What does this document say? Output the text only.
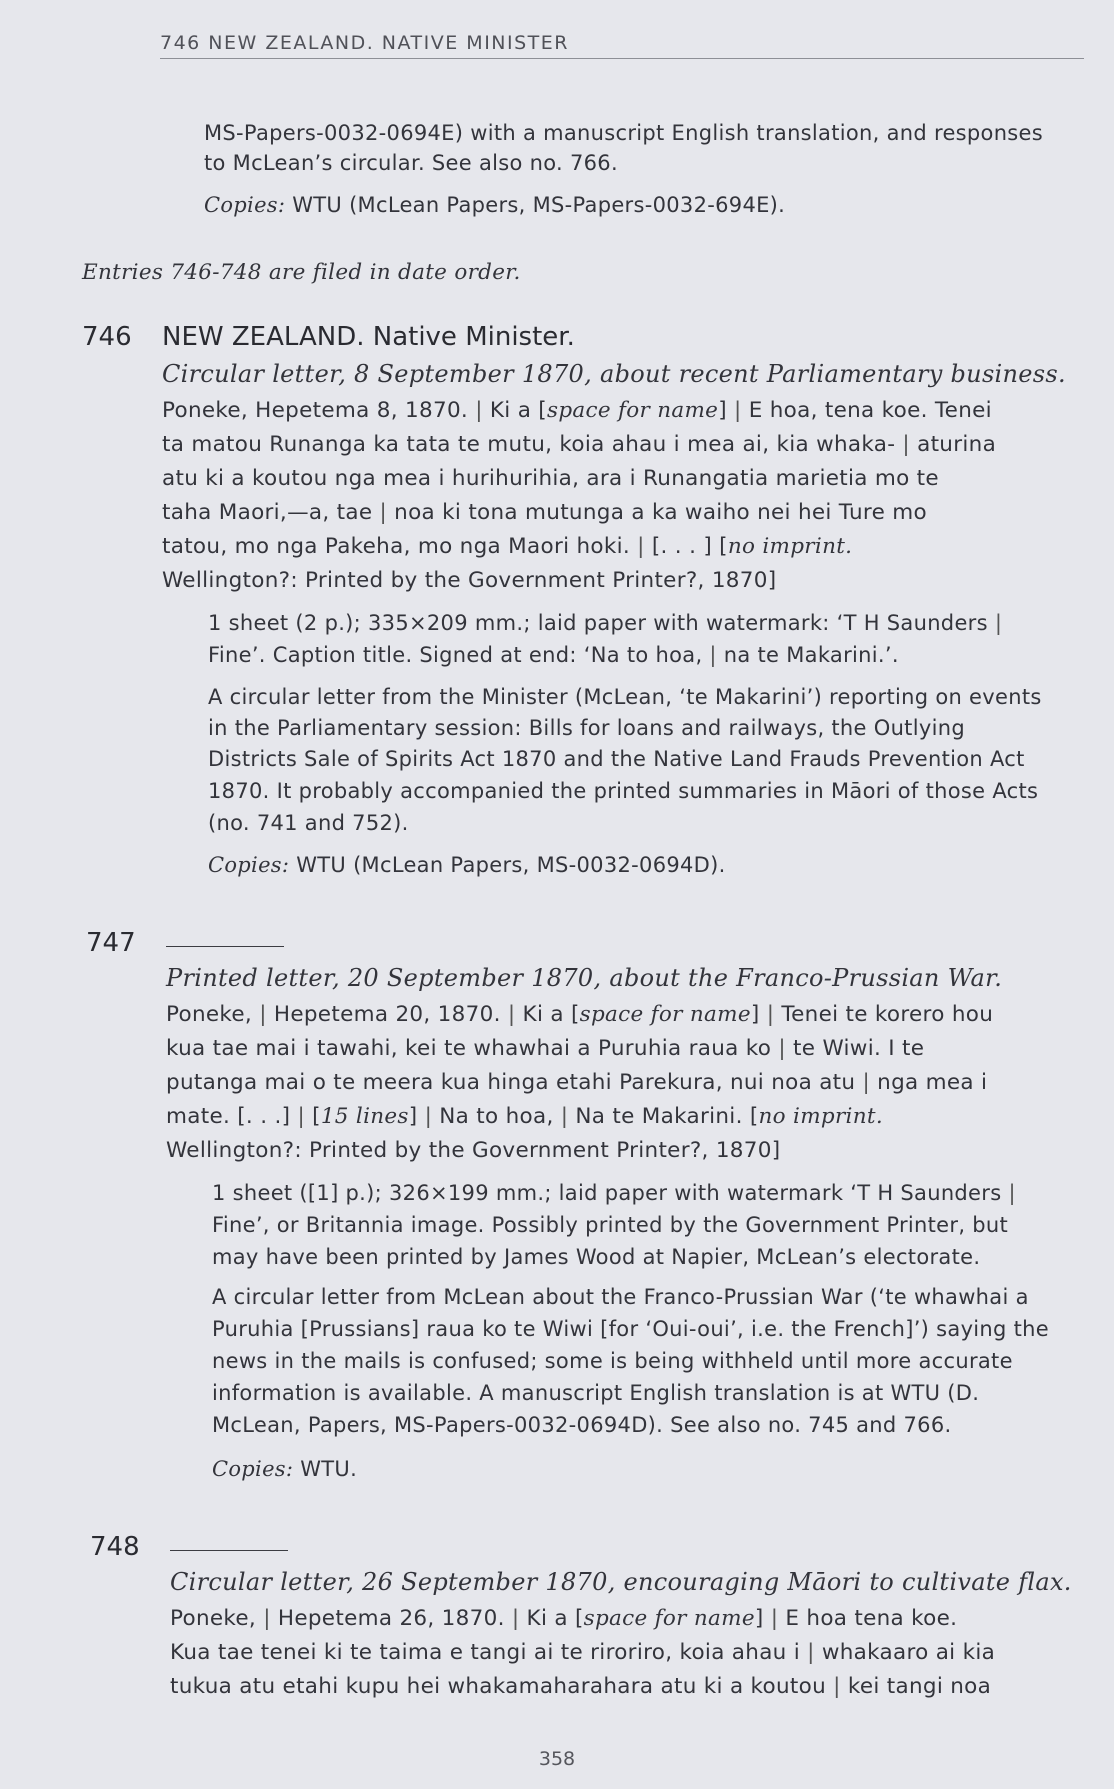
746 NEW ZEALAND. NATIVE MINISTER
MS-Papers-0032-0694E) with a manuscript English translation, and responses
to McLean’s circular. See also no. 766.
Copies: WTU (McLean Papers, MS-Papers-0032-694E).
Entries 746-748 are filed in date order.
746 NEW ZEALAND. Native Minister.
Circular letter, 8 September 1870, about recent Parliamentary business.
Poneke, Hepetema 8, 1870. | Ki a [space for name] | E hoa, tena koe. Tenei
ta matou Runanga ka tata te mutu, koia ahau i mea ai, kia whaka- | aturina
atu ki a koutou nga mea i hurihurihia, ara i Runangatia marietia mo te
taha Maori,—a, tae | noa ki tona mutunga a ka waiho nei hei Ture mo
tatou, mo nga Pakeha, mo nga Maori hoki. | [. . . ] [no imprint.
Wellington?: Printed by the Government Printer?, 1870]
1 sheet (2 p.); 335×209 mm.; laid paper with watermark: ‘T H Saunders |
Fine’. Caption title. Signed at end: ‘Na to hoa, | na te Makarini.’.
A circular letter from the Minister (McLean, ‘te Makarini’) reporting on events
in the Parliamentary session: Bills for loans and railways, the Outlying
Districts Sale of Spirits Act 1870 and the Native Land Frauds Prevention Act
1870. It probably accompanied the printed summaries in Māori of those Acts
(no. 741 and 752).
Copies: WTU (McLean Papers, MS-0032-0694D).
747
Printed letter, 20 September 1870, about the Franco-Prussian War.
Poneke, | Hepetema 20, 1870. | Ki a [space for name] | Tenei te korero hou
kua tae mai i tawahi, kei te whawhai a Puruhia raua ko | te Wiwi. I te
putanga mai o te meera kua hinga etahi Parekura, nui noa atu | nga mea i
mate. [. . .] | [15 lines] | Na to hoa, | Na te Makarini. [no imprint.
Wellington?: Printed by the Government Printer?, 1870]
1 sheet ([1] p.); 326×199 mm.; laid paper with watermark ‘T H Saunders |
Fine’, or Britannia image. Possibly printed by the Government Printer, but
may have been printed by James Wood at Napier, McLean’s electorate.
A circular letter from McLean about the Franco-Prussian War (‘te whawhai a
Puruhia [Prussians] raua ko te Wiwi [for ‘Oui-oui’, i.e. the French]’) saying the
news in the mails is confused; some is being withheld until more accurate
information is available. A manuscript English translation is at WTU (D.
McLean, Papers, MS-Papers-0032-0694D). See also no. 745 and 766.
Copies: WTU.
748
Circular letter, 26 September 1870, encouraging Māori to cultivate flax.
Poneke, | Hepetema 26, 1870. | Ki a [space for name] | E hoa tena koe.
Kua tae tenei ki te taima e tangi ai te riroriro, koia ahau i | whakaaro ai kia
tukua atu etahi kupu hei whakamaharahara atu ki a koutou | kei tangi noa
358
